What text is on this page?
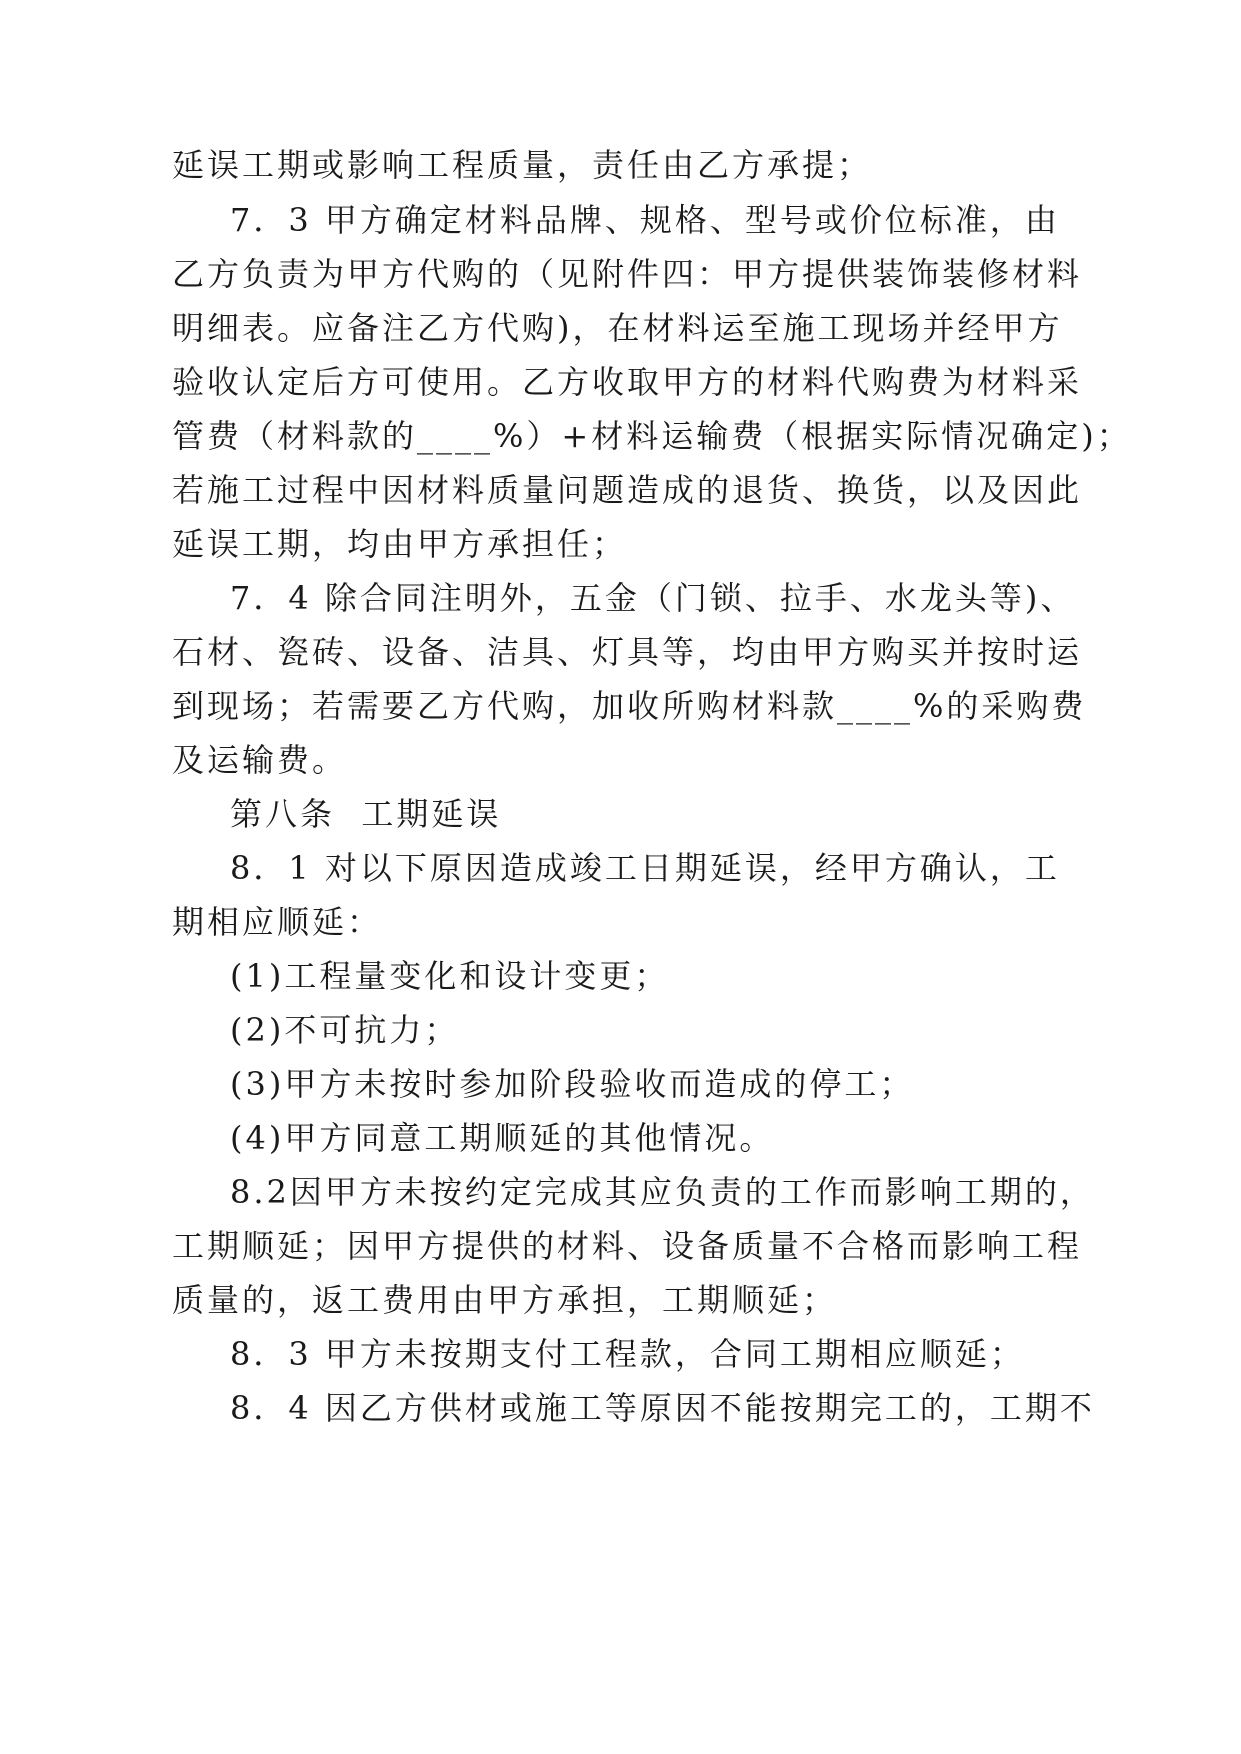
延误工期或影响工程质量，责任由乙方承提；
7．3 甲方确定材料品牌、规格、型号或价位标准，由
乙方负责为甲方代购的（见附件四：甲方提供装饰装修材料
明细表。应备注乙方代购)，在材料运至施工现场并经甲方
验收认定后方可使用。乙方收取甲方的材料代购费为材料采
管费（材料款的____%）+材料运输费（根据实际情况确定)；
若施工过程中因材料质量问题造成的退货、换货，以及因此
延误工期，均由甲方承担任；
7．4 除合同注明外，五金（门锁、拉手、水龙头等)、
石材、瓷砖、设备、洁具、灯具等，均由甲方购买并按时运
到现场；若需要乙方代购，加收所购材料款____%的采购费
及运输费。
第八条  工期延误
8．1 对以下原因造成竣工日期延误，经甲方确认，工
期相应顺延：
(1)工程量变化和设计变更；
(2)不可抗力；
(3)甲方未按时参加阶段验收而造成的停工；
(4)甲方同意工期顺延的其他情况。
8.2因甲方未按约定完成其应负责的工作而影响工期的，
工期顺延；因甲方提供的材料、设备质量不合格而影响工程
质量的，返工费用由甲方承担，工期顺延；
8．3 甲方未按期支付工程款，合同工期相应顺延；
8．4 因乙方供材或施工等原因不能按期完工的，工期不
